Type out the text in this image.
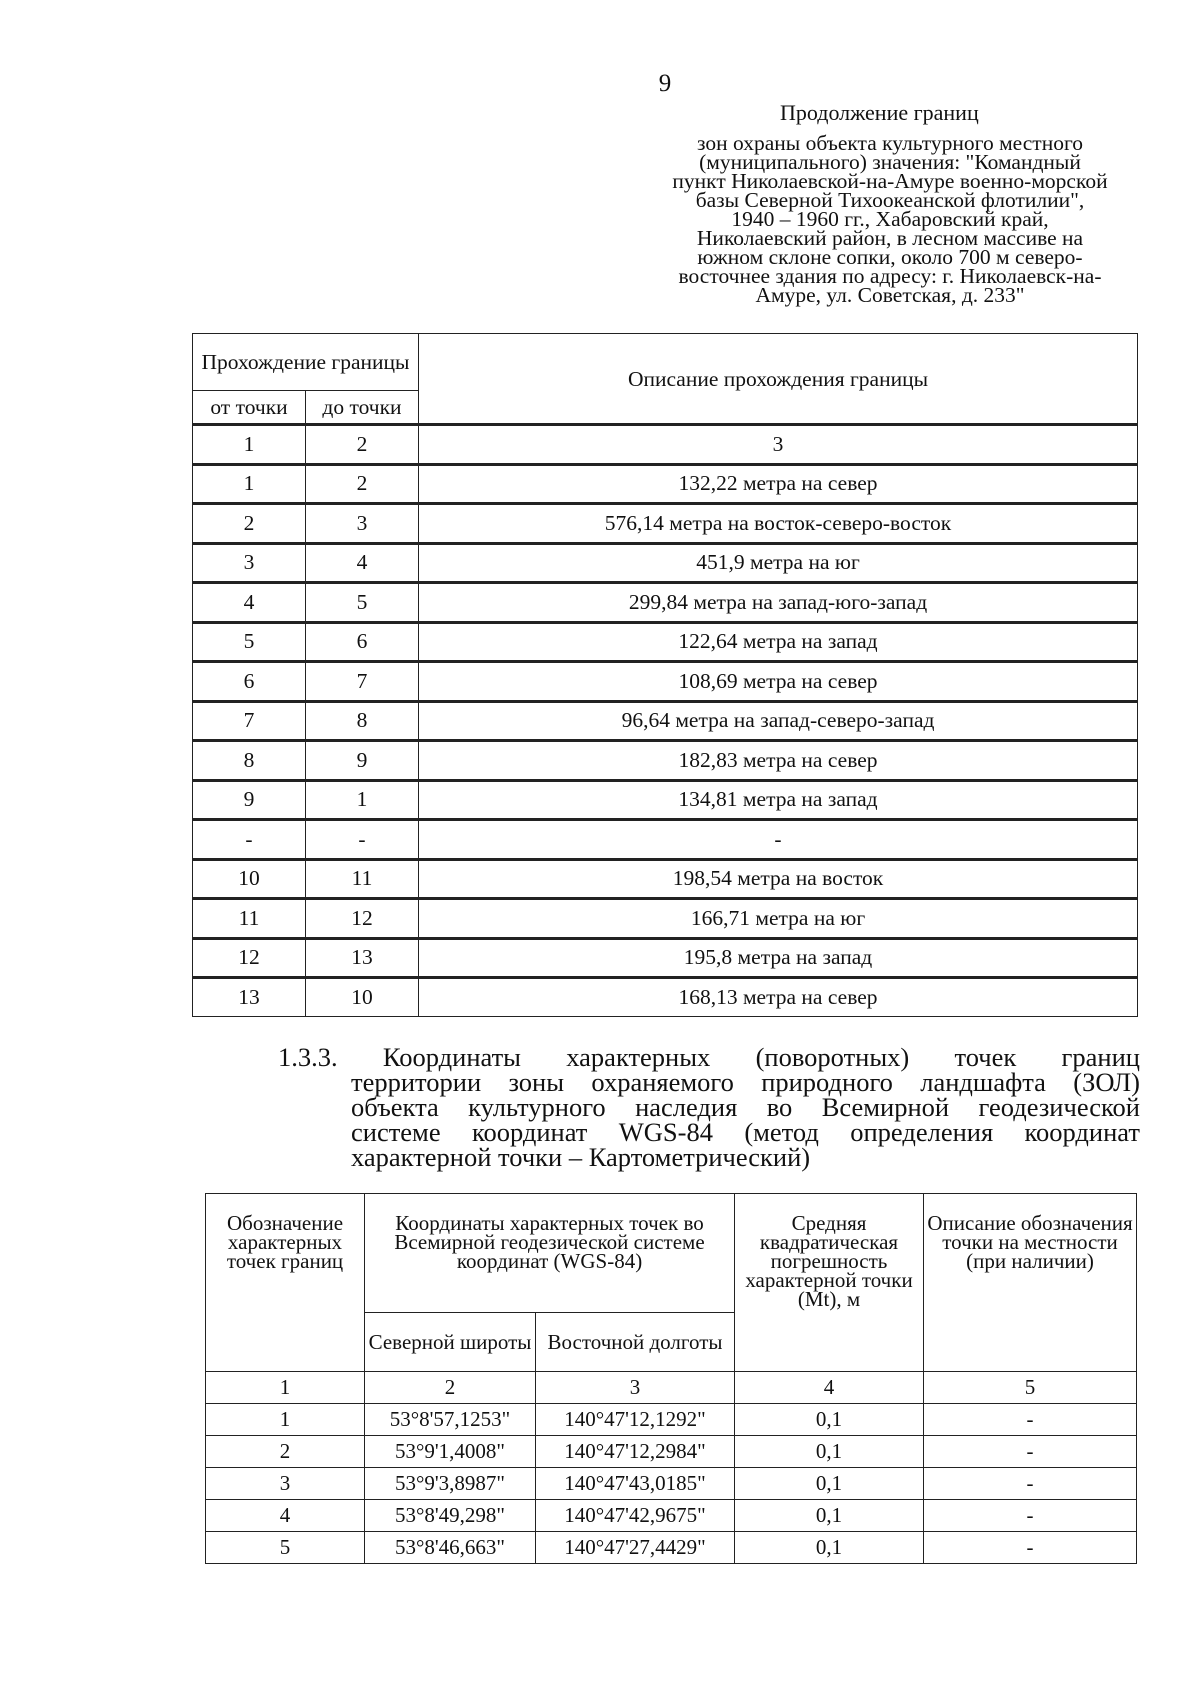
9
Продолжение границ
зон охраны объекта культурного местного
(муниципального) значения: "Командный
пункт Николаевской-на-Амуре военно-морской
базы Северной Тихоокеанской флотилии",
1940 – 1960 гг., Хабаровский край,
Николаевский район, в лесном массиве на
южном склоне сопки, около 700 м северо-
восточнее здания по адресу: г. Николаевск-на-
Амуре, ул. Советская, д. 233"
Прохождение границы		Описание прохождения границы
от точки	до точки	
1	2	3
1	2	132,22 метра на север
2	3	576,14 метра на восток-северо-восток
3	4	451,9 метра на юг
4	5	299,84 метра на запад-юго-запад
5	6	122,64 метра на запад
6	7	108,69 метра на север
7	8	96,64 метра на запад-северо-запад
8	9	182,83 метра на север
9	1	134,81 метра на запад
-	-	-
10	11	198,54 метра на восток
11	12	166,71 метра на юг
12	13	195,8 метра на запад
13	10	168,13 метра на север
1.3.3. Координаты характерных (поворотных) точек границ
территории зоны охраняемого природного ландшафта (ЗОЛ)
объекта культурного наследия во Всемирной геодезической
системе координат WGS-84 (метод определения координат
характерной точки – Картометрический)
Обозначение характерных точек границ	Координаты характерных точек во Всемирной геодезической системе координат (WGS-84)		Средняя квадратическая погрешность характерной точки (Mt), м	Описание обозначения точки на местности (при наличии)
	Северной широты	Восточной долготы		
1	2	3	4	5
1	53°8'57,1253"	140°47'12,1292"	0,1	-
2	53°9'1,4008"	140°47'12,2984"	0,1	-
3	53°9'3,8987"	140°47'43,0185"	0,1	-
4	53°8'49,298"	140°47'42,9675"	0,1	-
5	53°8'46,663"	140°47'27,4429"	0,1	-
